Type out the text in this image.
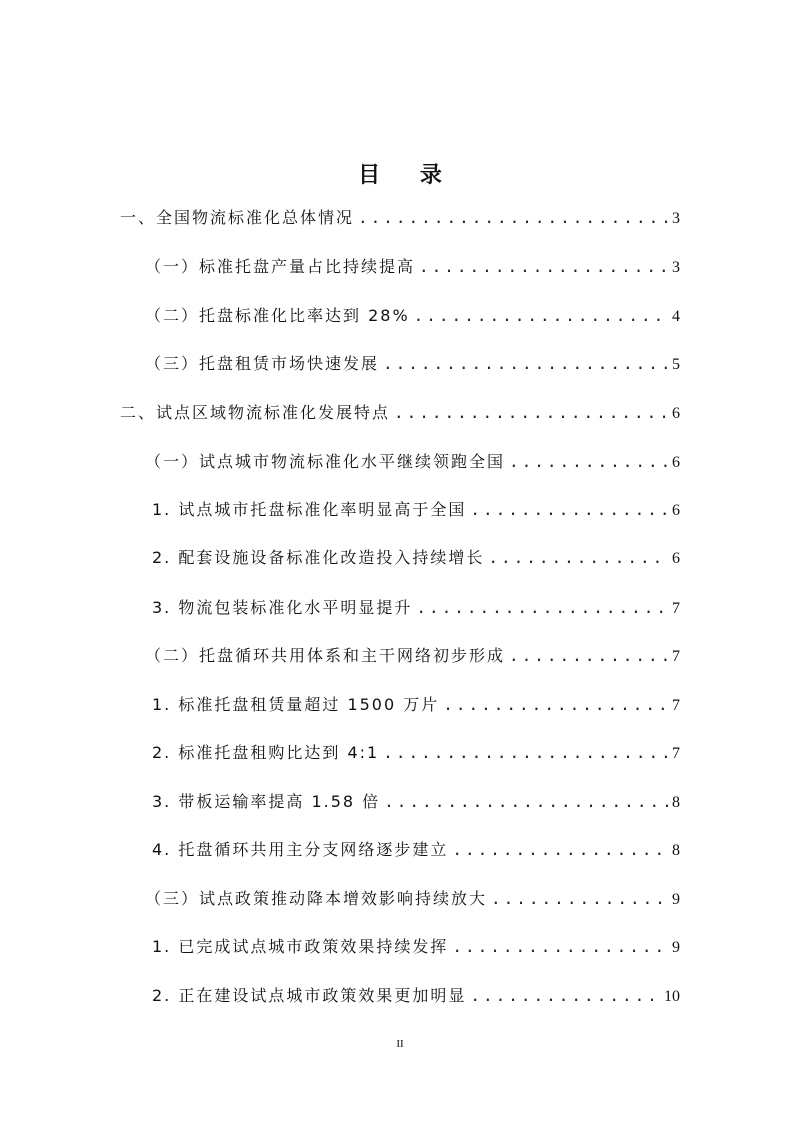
目 录
一、全国物流标准化总体情况 .....	3
（一）标准托盘产量占比持续提高 .....	3
（二）托盘标准化比率达到 28% .....	4
（三）托盘租赁市场快速发展 .....	5
二、试点区域物流标准化发展特点 .....	6
（一）试点城市物流标准化水平继续领跑全国 .....	6
1. 试点城市托盘标准化率明显高于全国 .....	6
2. 配套设施设备标准化改造投入持续增长 .....	6
3. 物流包装标准化水平明显提升 .....	7
（二）托盘循环共用体系和主干网络初步形成 .....	7
1. 标准托盘租赁量超过 1500 万片 .....	7
2. 标准托盘租购比达到 4:1 .....	7
3. 带板运输率提高 1.58 倍 .....	8
4. 托盘循环共用主分支网络逐步建立 .....	8
（三）试点政策推动降本增效影响持续放大 .....	9
1. 已完成试点城市政策效果持续发挥 .....	9
2. 正在建设试点城市政策效果更加明显 .....	10
II
